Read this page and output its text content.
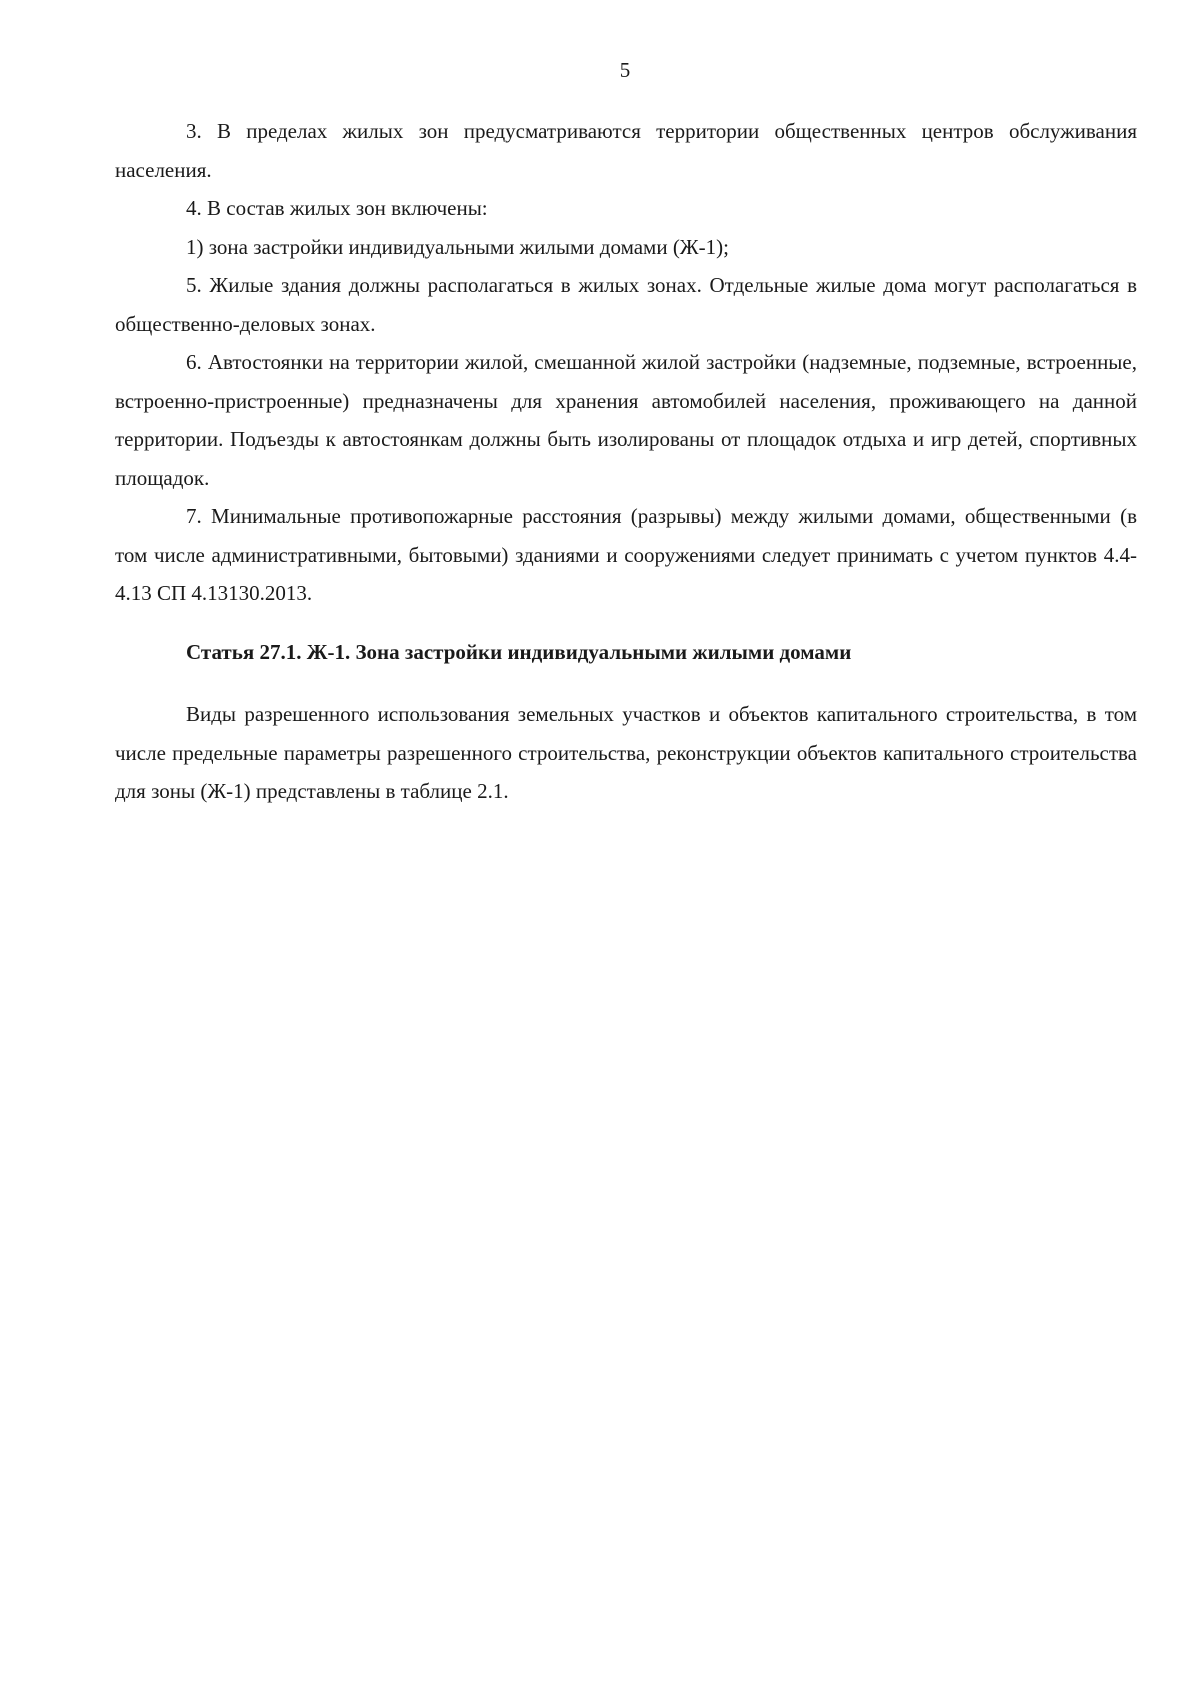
5

3. В пределах жилых зон предусматриваются территории общественных центров обслуживания населения.

4. В состав жилых зон включены:

1) зона застройки индивидуальными жилыми домами (Ж-1);

5. Жилые здания должны располагаться в жилых зонах. Отдельные жилые дома могут располагаться в общественно-деловых зонах.

6. Автостоянки на территории жилой, смешанной жилой застройки (надземные, подземные, встроенные, встроенно-пристроенные) предназначены для хранения автомобилей населения, проживающего на данной территории. Подъезды к автостоянкам должны быть изолированы от площадок отдыха и игр детей, спортивных площадок.

7. Минимальные противопожарные расстояния (разрывы) между жилыми домами, общественными (в том числе административными, бытовыми) зданиями и сооружениями следует принимать с учетом пунктов 4.4-4.13 СП 4.13130.2013.

Статья 27.1. Ж-1. Зона застройки индивидуальными жилыми домами

Виды разрешенного использования земельных участков и объектов капитального строительства, в том числе предельные параметры разрешенного строительства, реконструкции объектов капитального строительства для зоны (Ж-1) представлены в таблице 2.1.
